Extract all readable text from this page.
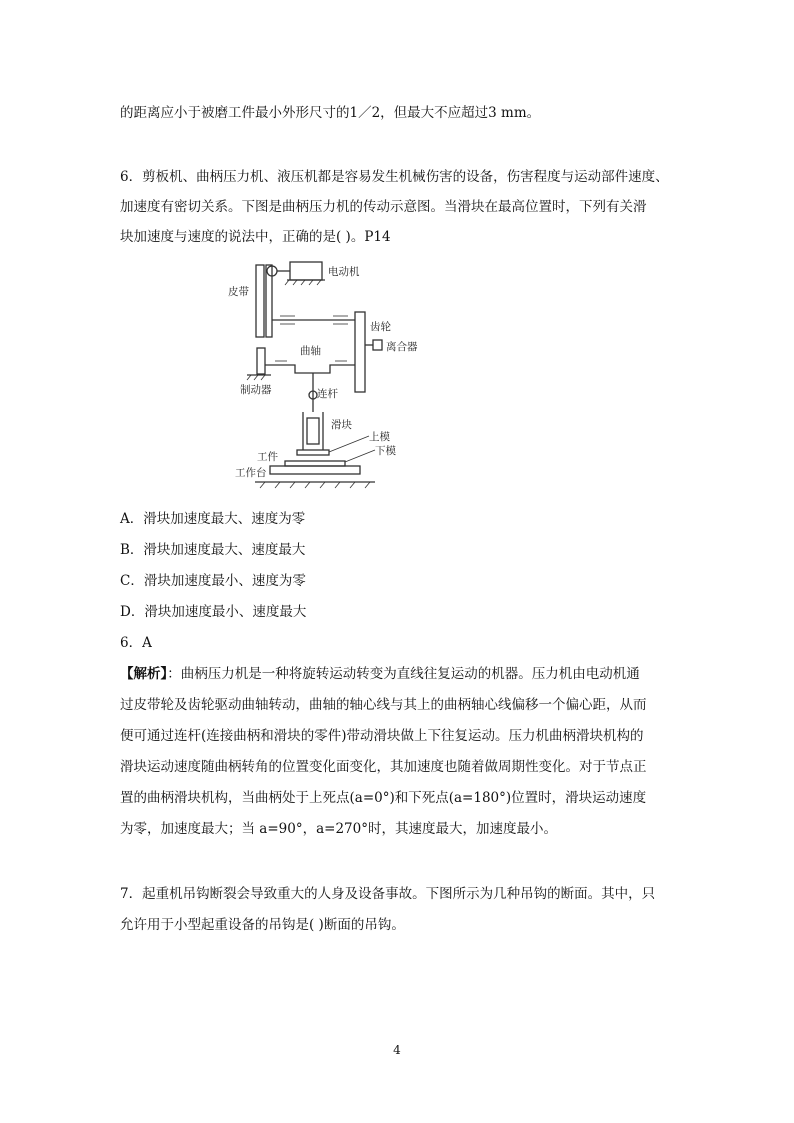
的距离应小于被磨工件最小外形尺寸的1／2，但最大不应超过3 mm。
6．剪板机、曲柄压力机、液压机都是容易发生机械伤害的设备，伤害程度与运动部件速度、
加速度有密切关系。下图是曲柄压力机的传动示意图。当滑块在最高位置时，下列有关滑
块加速度与速度的说法中，正确的是( )。P14
电动机
皮带
齿轮
离合器
曲轴
制动器	连杆
滑块
上模
下模
工件
工作台
A．滑块加速度最大、速度为零
B．滑块加速度最大、速度最大
C．滑块加速度最小、速度为零
D．滑块加速度最小、速度最大
6．A
【解析】：曲柄压力机是一种将旋转运动转变为直线往复运动的机器。压力机由电动机通
过皮带轮及齿轮驱动曲轴转动，曲轴的轴心线与其上的曲柄轴心线偏移一个偏心距，从而
便可通过连杆(连接曲柄和滑块的零件)带动滑块做上下往复运动。压力机曲柄滑块机构的
滑块运动速度随曲柄转角的位置变化面变化，其加速度也随着做周期性变化。对于节点正
置的曲柄滑块机构，当曲柄处于上死点(a=0°)和下死点(a=180°)位置时，滑块运动速度
为零，加速度最大；当 a=90°，a=270°时，其速度最大，加速度最小。
7．起重机吊钩断裂会导致重大的人身及设备事故。下图所示为几种吊钩的断面。其中，只
允许用于小型起重设备的吊钩是( )断面的吊钩。
4
